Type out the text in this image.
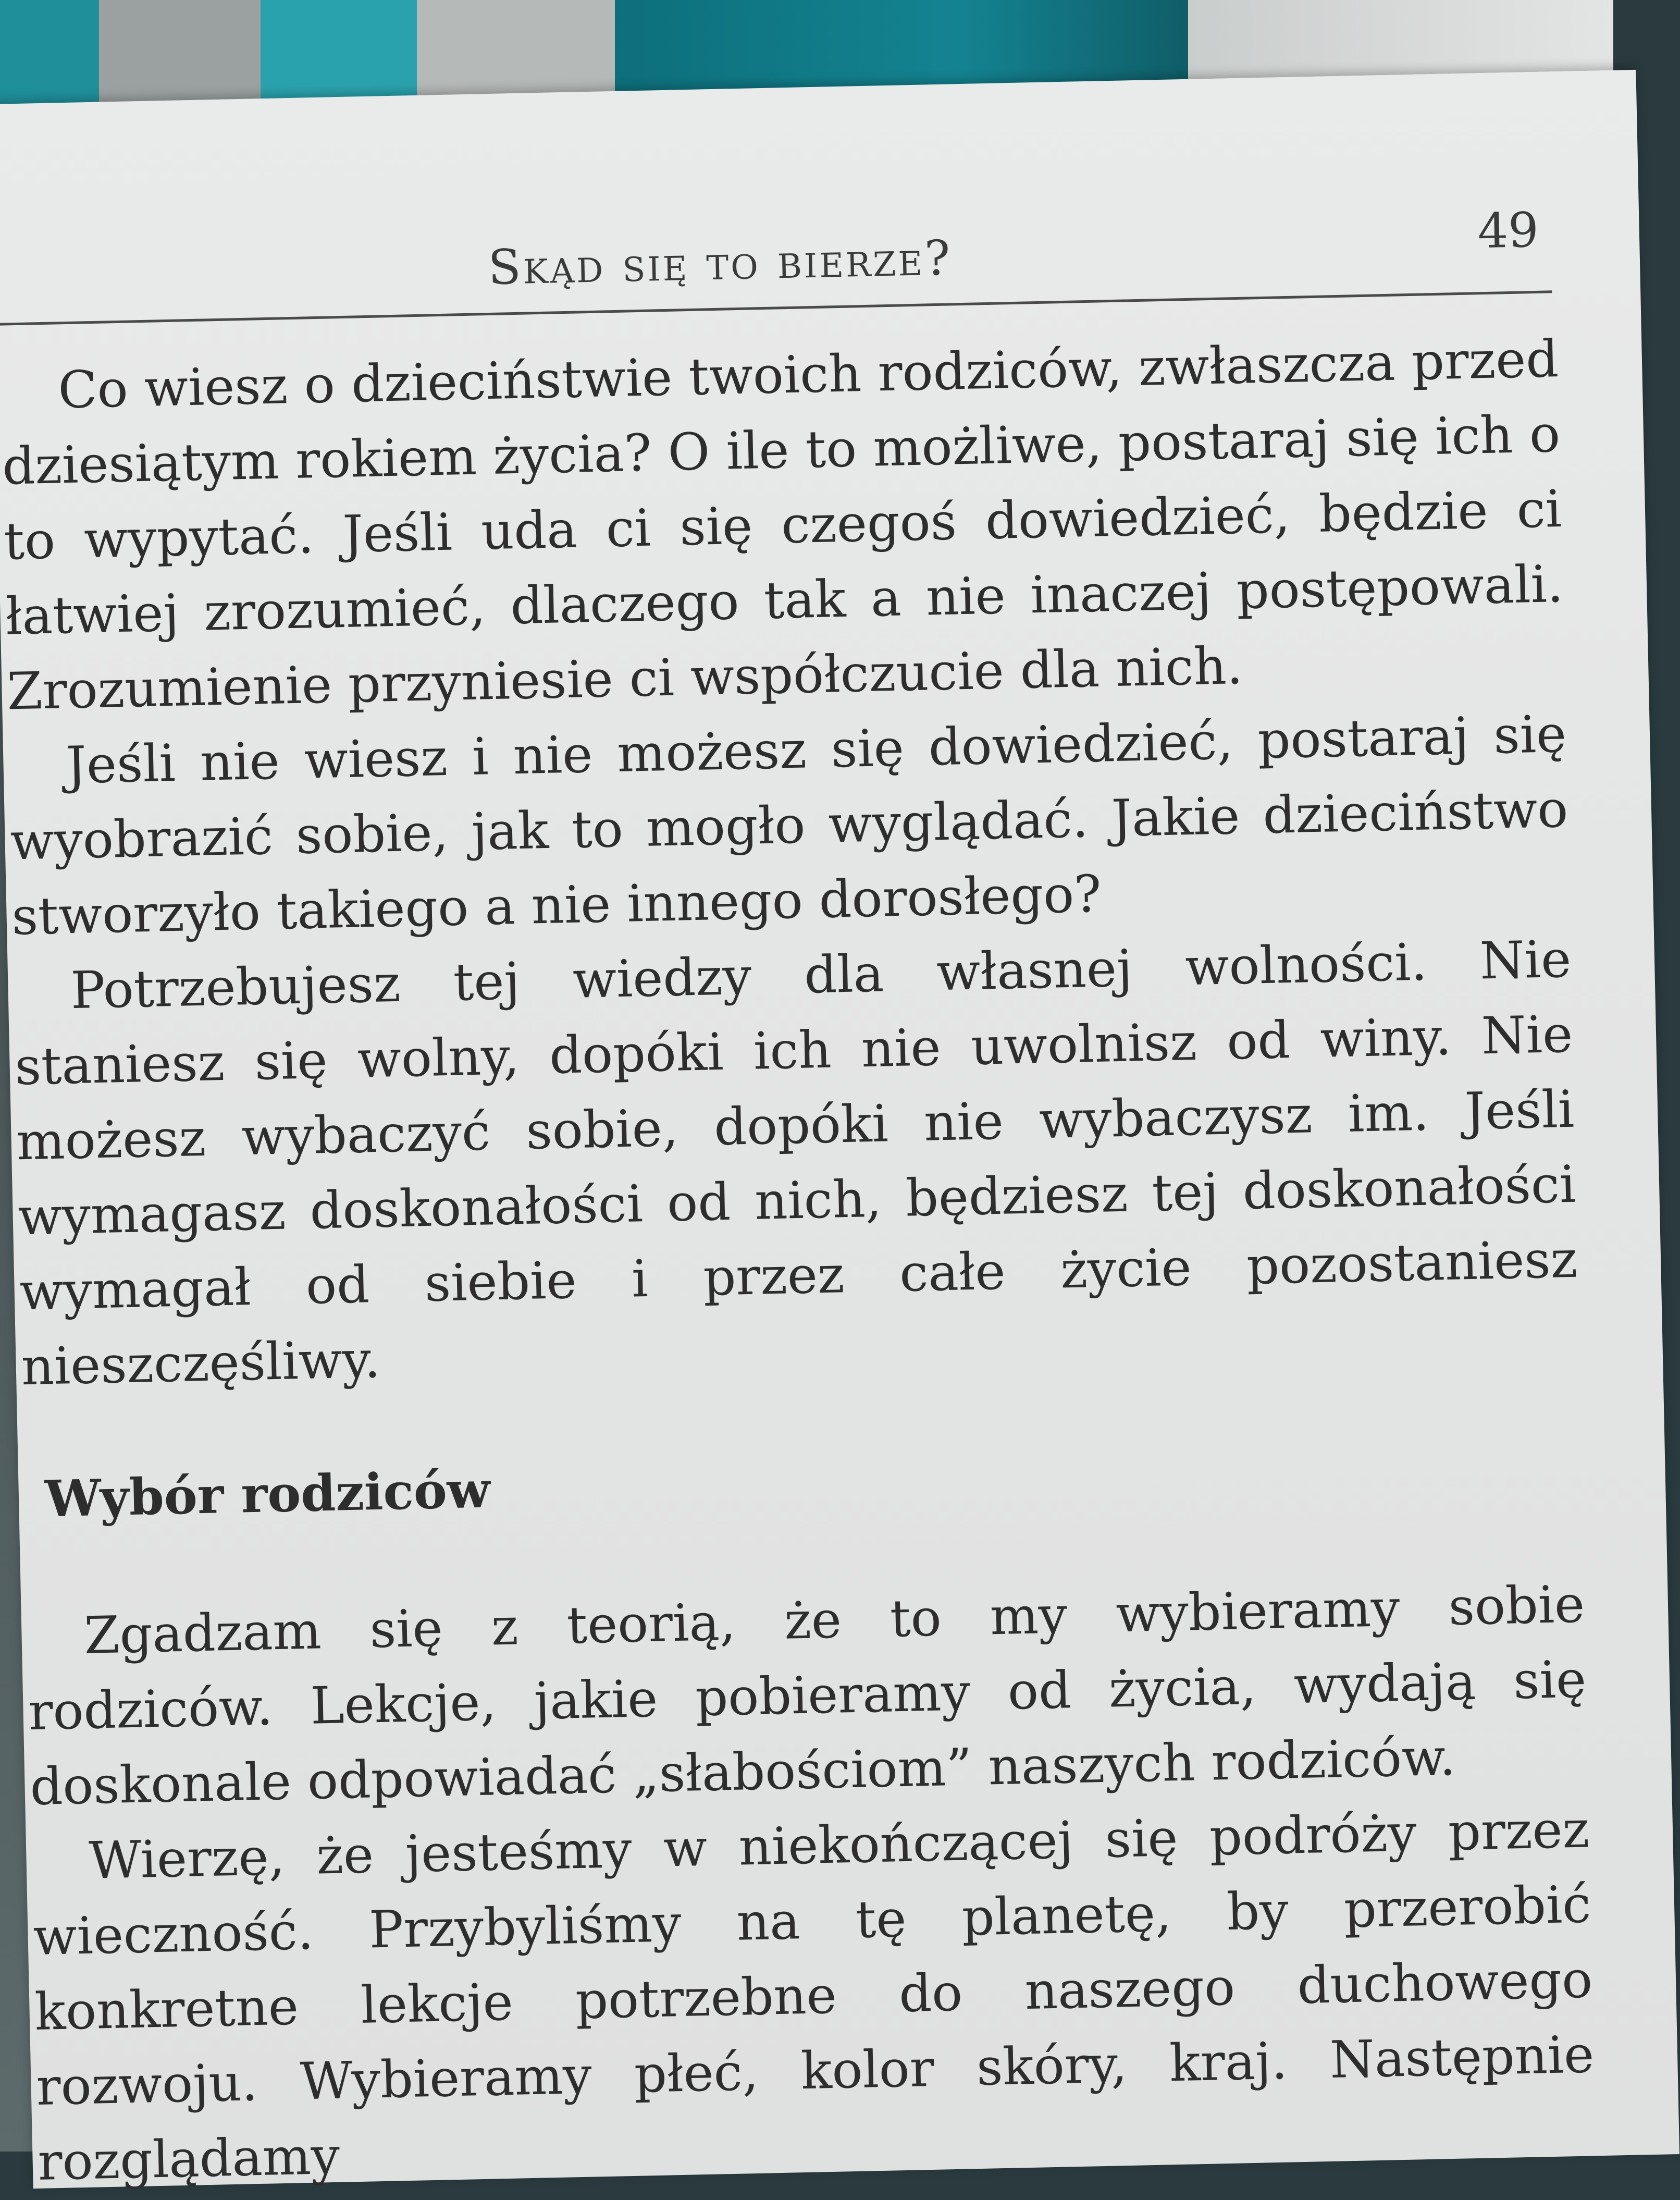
Skąd się to bierze?	49

Co wiesz o dzieciństwie twoich rodziców, zwłaszcza przed dziesiątym rokiem życia? O ile to możliwe, postaraj się ich o to wypytać. Jeśli uda ci się czegoś dowiedzieć, będzie ci łatwiej zrozumieć, dlaczego tak a nie inaczej postępowali. Zrozumienie przyniesie ci współczucie dla nich.

Jeśli nie wiesz i nie możesz się dowiedzieć, postaraj się wyobrazić sobie, jak to mogło wyglądać. Jakie dzieciństwo stworzyło takiego a nie innego dorosłego?

Potrzebujesz tej wiedzy dla własnej wolności. Nie staniesz się wolny, dopóki ich nie uwolnisz od winy. Nie możesz wybaczyć sobie, dopóki nie wybaczysz im. Jeśli wymagasz doskonałości od nich, będziesz tej doskonałości wymagał od siebie i przez całe życie pozostaniesz nieszczęśliwy.

Wybór rodziców

Zgadzam się z teorią, że to my wybieramy sobie rodziców. Lekcje, jakie pobieramy od życia, wydają się doskonale odpowiadać „słabościom” naszych rodziców.

Wierzę, że jesteśmy w niekończącej się podróży przez wieczność. Przybyliśmy na tę planetę, by przerobić konkretne lekcje potrzebne do naszego duchowego rozwoju. Wybieramy płeć, kolor skóry, kraj. Następnie rozglądamy
